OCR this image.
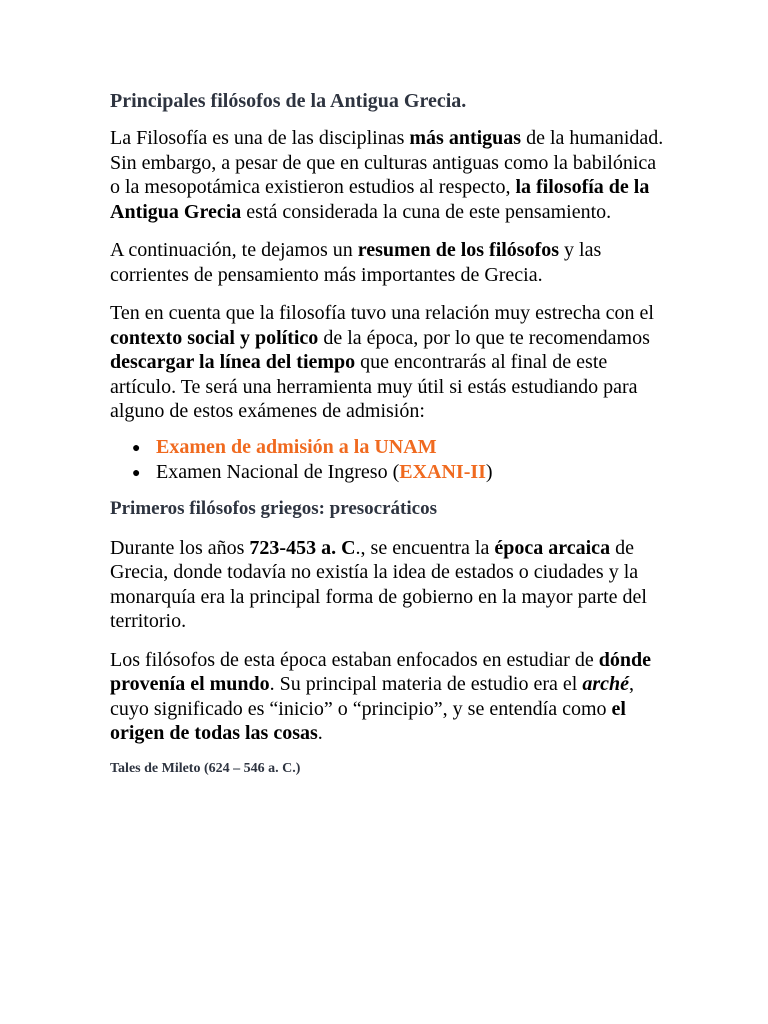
Principales filósofos de la Antigua Grecia.

La Filosofía es una de las disciplinas más antiguas de la humanidad. Sin embargo, a pesar de que en culturas antiguas como la babilónica o la mesopotámica existieron estudios al respecto, la filosofía de la Antigua Grecia está considerada la cuna de este pensamiento.

A continuación, te dejamos un resumen de los filósofos y las corrientes de pensamiento más importantes de Grecia.

Ten en cuenta que la filosofía tuvo una relación muy estrecha con el contexto social y político de la época, por lo que te recomendamos descargar la línea del tiempo que encontrarás al final de este artículo. Te será una herramienta muy útil si estás estudiando para alguno de estos exámenes de admisión:

● Examen de admisión a la UNAM
● Examen Nacional de Ingreso (EXANI-II)
Primeros filósofos griegos: presocráticos

Durante los años 723-453 a. C., se encuentra la época arcaica de Grecia, donde todavía no existía la idea de estados o ciudades y la monarquía era la principal forma de gobierno en la mayor parte del territorio.

Los filósofos de esta época estaban enfocados en estudiar de dónde provenía el mundo. Su principal materia de estudio era el arché, cuyo significado es “inicio” o “principio”, y se entendía como el origen de todas las cosas.

Tales de Mileto (624 – 546 a. C.)
